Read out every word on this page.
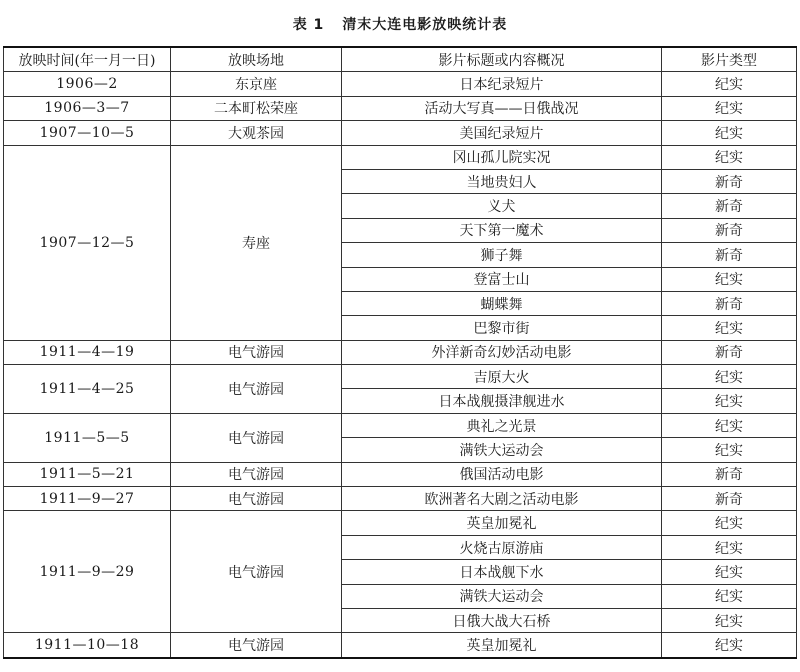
表 1 清末大连电影放映统计表
放映时间(年一月一日)	放映场地	影片标题或内容概况	影片类型
1906—2	东京座	日本纪录短片	纪实
1906—3—7	二本町松荣座	活动大写真——日俄战况	纪实
1907—10—5	大观茶园	美国纪录短片	纪实
1907—12—5	寿座	冈山孤儿院实况	纪实
		当地贵妇人	新奇
		义犬	新奇
		天下第一魔术	新奇
		狮子舞	新奇
		登富士山	纪实
		蝴蝶舞	新奇
		巴黎市街	纪实
1911—4—19	电气游园	外洋新奇幻妙活动电影	新奇
1911—4—25	电气游园	吉原大火	纪实
		日本战舰摄津舰进水	纪实
1911—5—5	电气游园	典礼之光景	纪实
		满铁大运动会	纪实
1911—5—21	电气游园	俄国活动电影	新奇
1911—9—27	电气游园	欧洲著名大剧之活动电影	新奇
1911—9—29	电气游园	英皇加冕礼	纪实
		火烧古原游庙	纪实
		日本战舰下水	纪实
		满铁大运动会	纪实
		日俄大战大石桥	纪实
1911—10—18	电气游园	英皇加冕礼	纪实
